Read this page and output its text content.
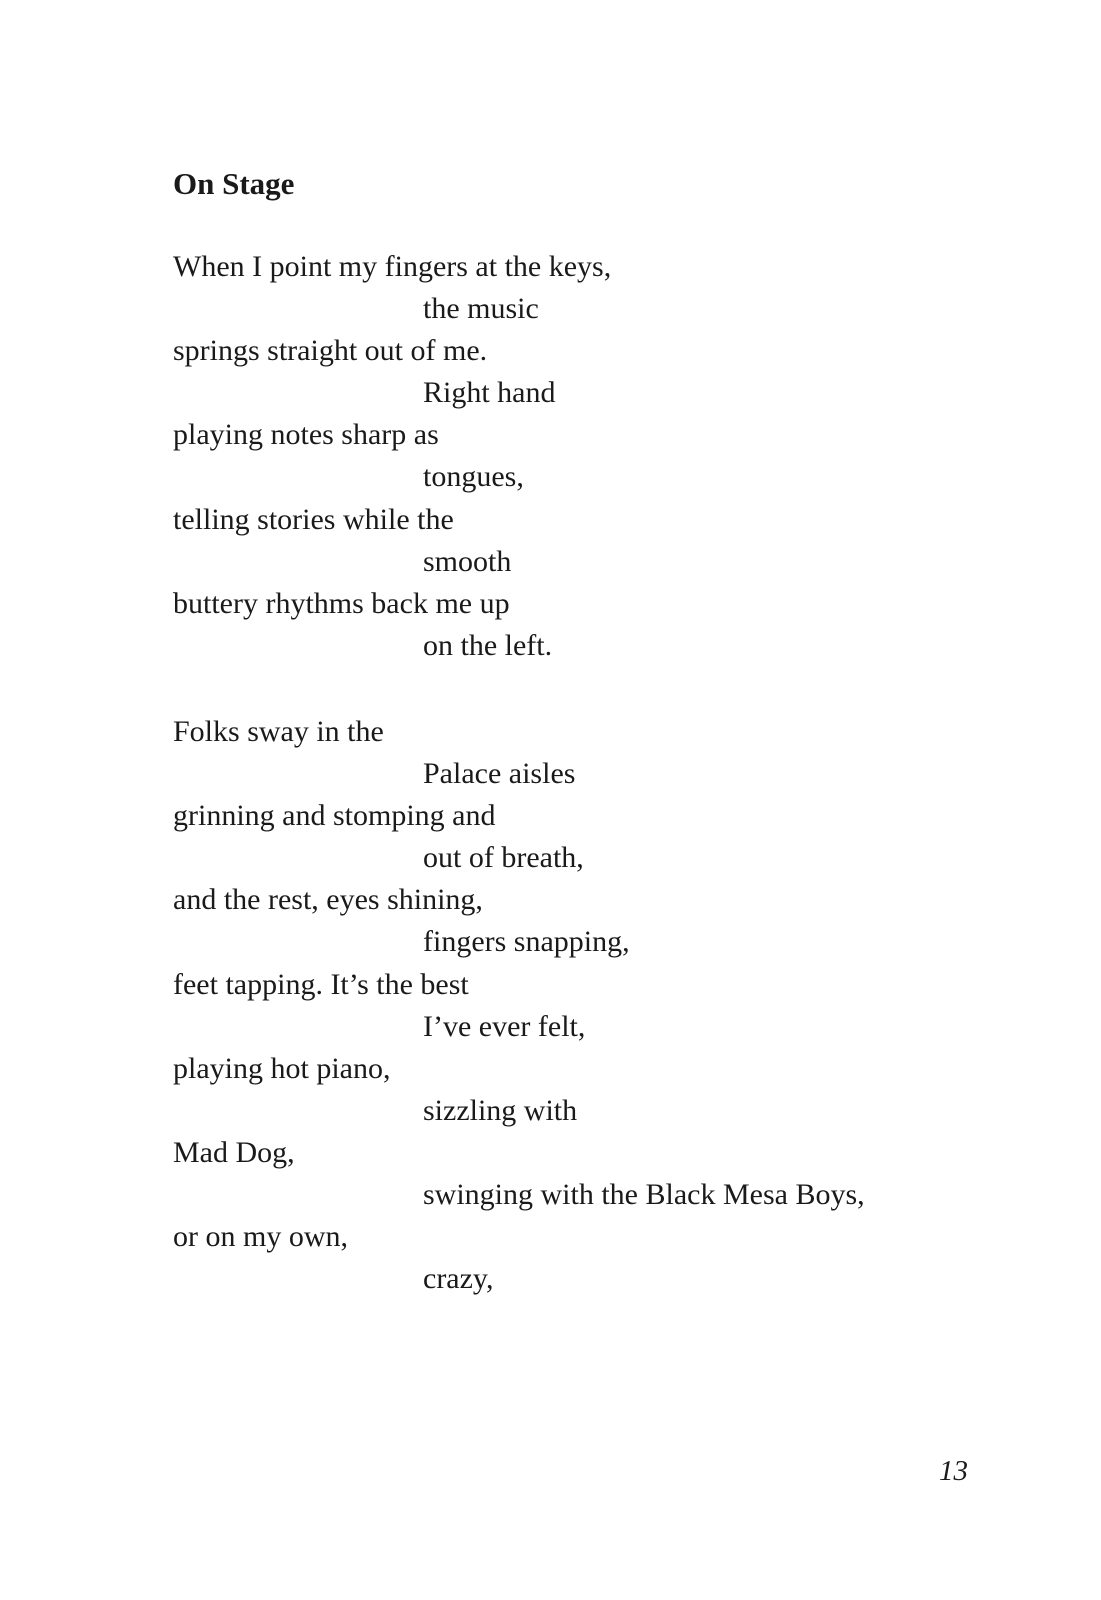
On Stage
When I point my fingers at the keys,
the music
springs straight out of me.
Right hand
playing notes sharp as
tongues,
telling stories while the
smooth
buttery rhythms back me up
on the left.
Folks sway in the
Palace aisles
grinning and stomping and
out of breath,
and the rest, eyes shining,
fingers snapping,
feet tapping. It’s the best
I’ve ever felt,
playing hot piano,
sizzling with
Mad Dog,
swinging with the Black Mesa Boys,
or on my own,
crazy,
13
